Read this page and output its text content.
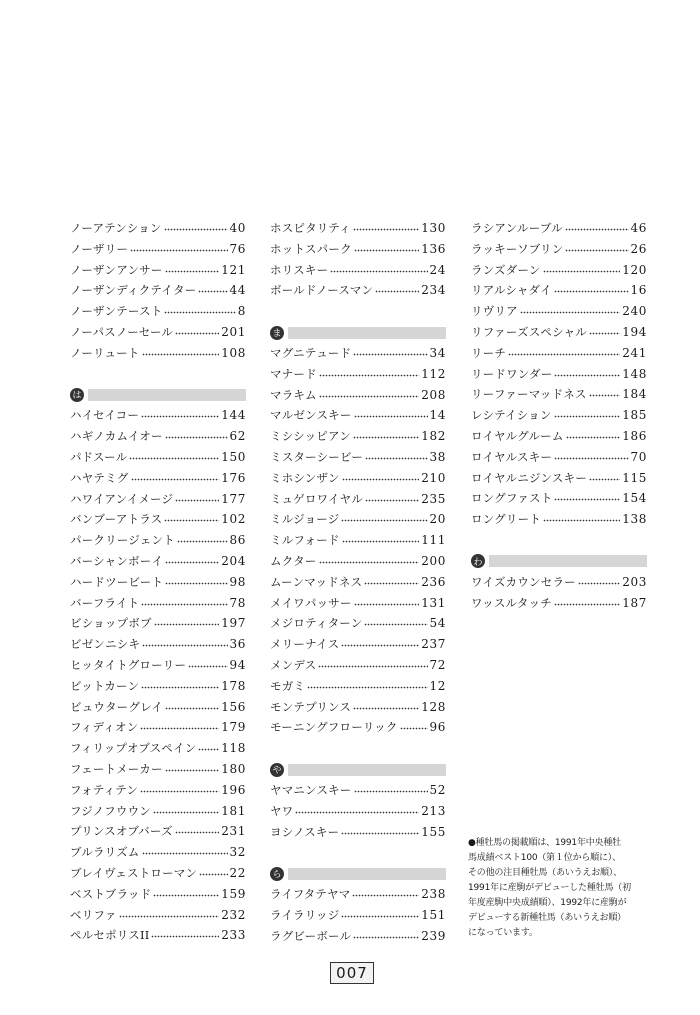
ノーアテンション	40
ノーザリー	76
ノーザンアンサー	121
ノーザンディクテイター	44
ノーザンテースト	8
ノーパスノーセール	201
ノーリュート	108
は
ハイセイコー	144
ハギノカムイオー	62
パドスール	150
ハヤテミグ	176
ハワイアンイメージ	177
バンブーアトラス	102
パークリージェント	86
バーシャンボーイ	204
ハードツービート	98
バーフライト	78
ビショップボブ	197
ビゼンニシキ	36
ヒッタイトグローリー	94
ビットカーン	178
ビュウターグレイ	156
フィディオン	179
フィリップオブスペイン 118
フェートメーカー	180
フォティテン	196
フジノフウウン	181
プリンスオブバーズ	231
ブルラリズム	32
ブレイヴェストローマン	22
ベストブラッド	159
ベリファ	232
ペルセポリスII	233
ホスピタリティ	130
ホットスパーク	136
ホリスキー	24
ボールドノースマン	234
ま
マグニテュード	34
マナード	112
マラキム	208
マルゼンスキー	14
ミシシッピアン	182
ミスターシービー	38
ミホシンザン	210
ミュゲロワイヤル	235
ミルジョージ	20
ミルフォード	111
ムクター	200
ムーンマッドネス	236
メイワパッサー	131
メジロティターン	54
メリーナイス	237
メンデス	72
モガミ	12
モンテプリンス	128
モーニングフローリック	96
や
ヤマニンスキー	52
ヤワ	213
ヨシノスキー	155
ら
ライフタテヤマ	238
ライラリッジ	151
ラグビーボール	239
ラシアンルーブル	46
ラッキーソブリン	26
ランズダーン	120
リアルシャダイ	16
リヴリア	240
リファーズスペシャル	194
リーチ	241
リードワンダー	148
リーファーマッドネス	184
レシテイション	185
ロイヤルグルーム	186
ロイヤルスキー	70
ロイヤルニジンスキー	115
ロングファスト	154
ロングリート	138
わ
ワイズカウンセラー	203
ワッスルタッチ	187
●種牡馬の掲載順は、1991年中央種牡
馬成績ベスト100（第１位から順に）、
その他の注目種牡馬（あいうえお順）、
1991年に産駒がデビューした種牡馬（初
年度産駒中央成績順）、1992年に産駒が
デビューする新種牡馬（あいうえお順）
になっています。
007
